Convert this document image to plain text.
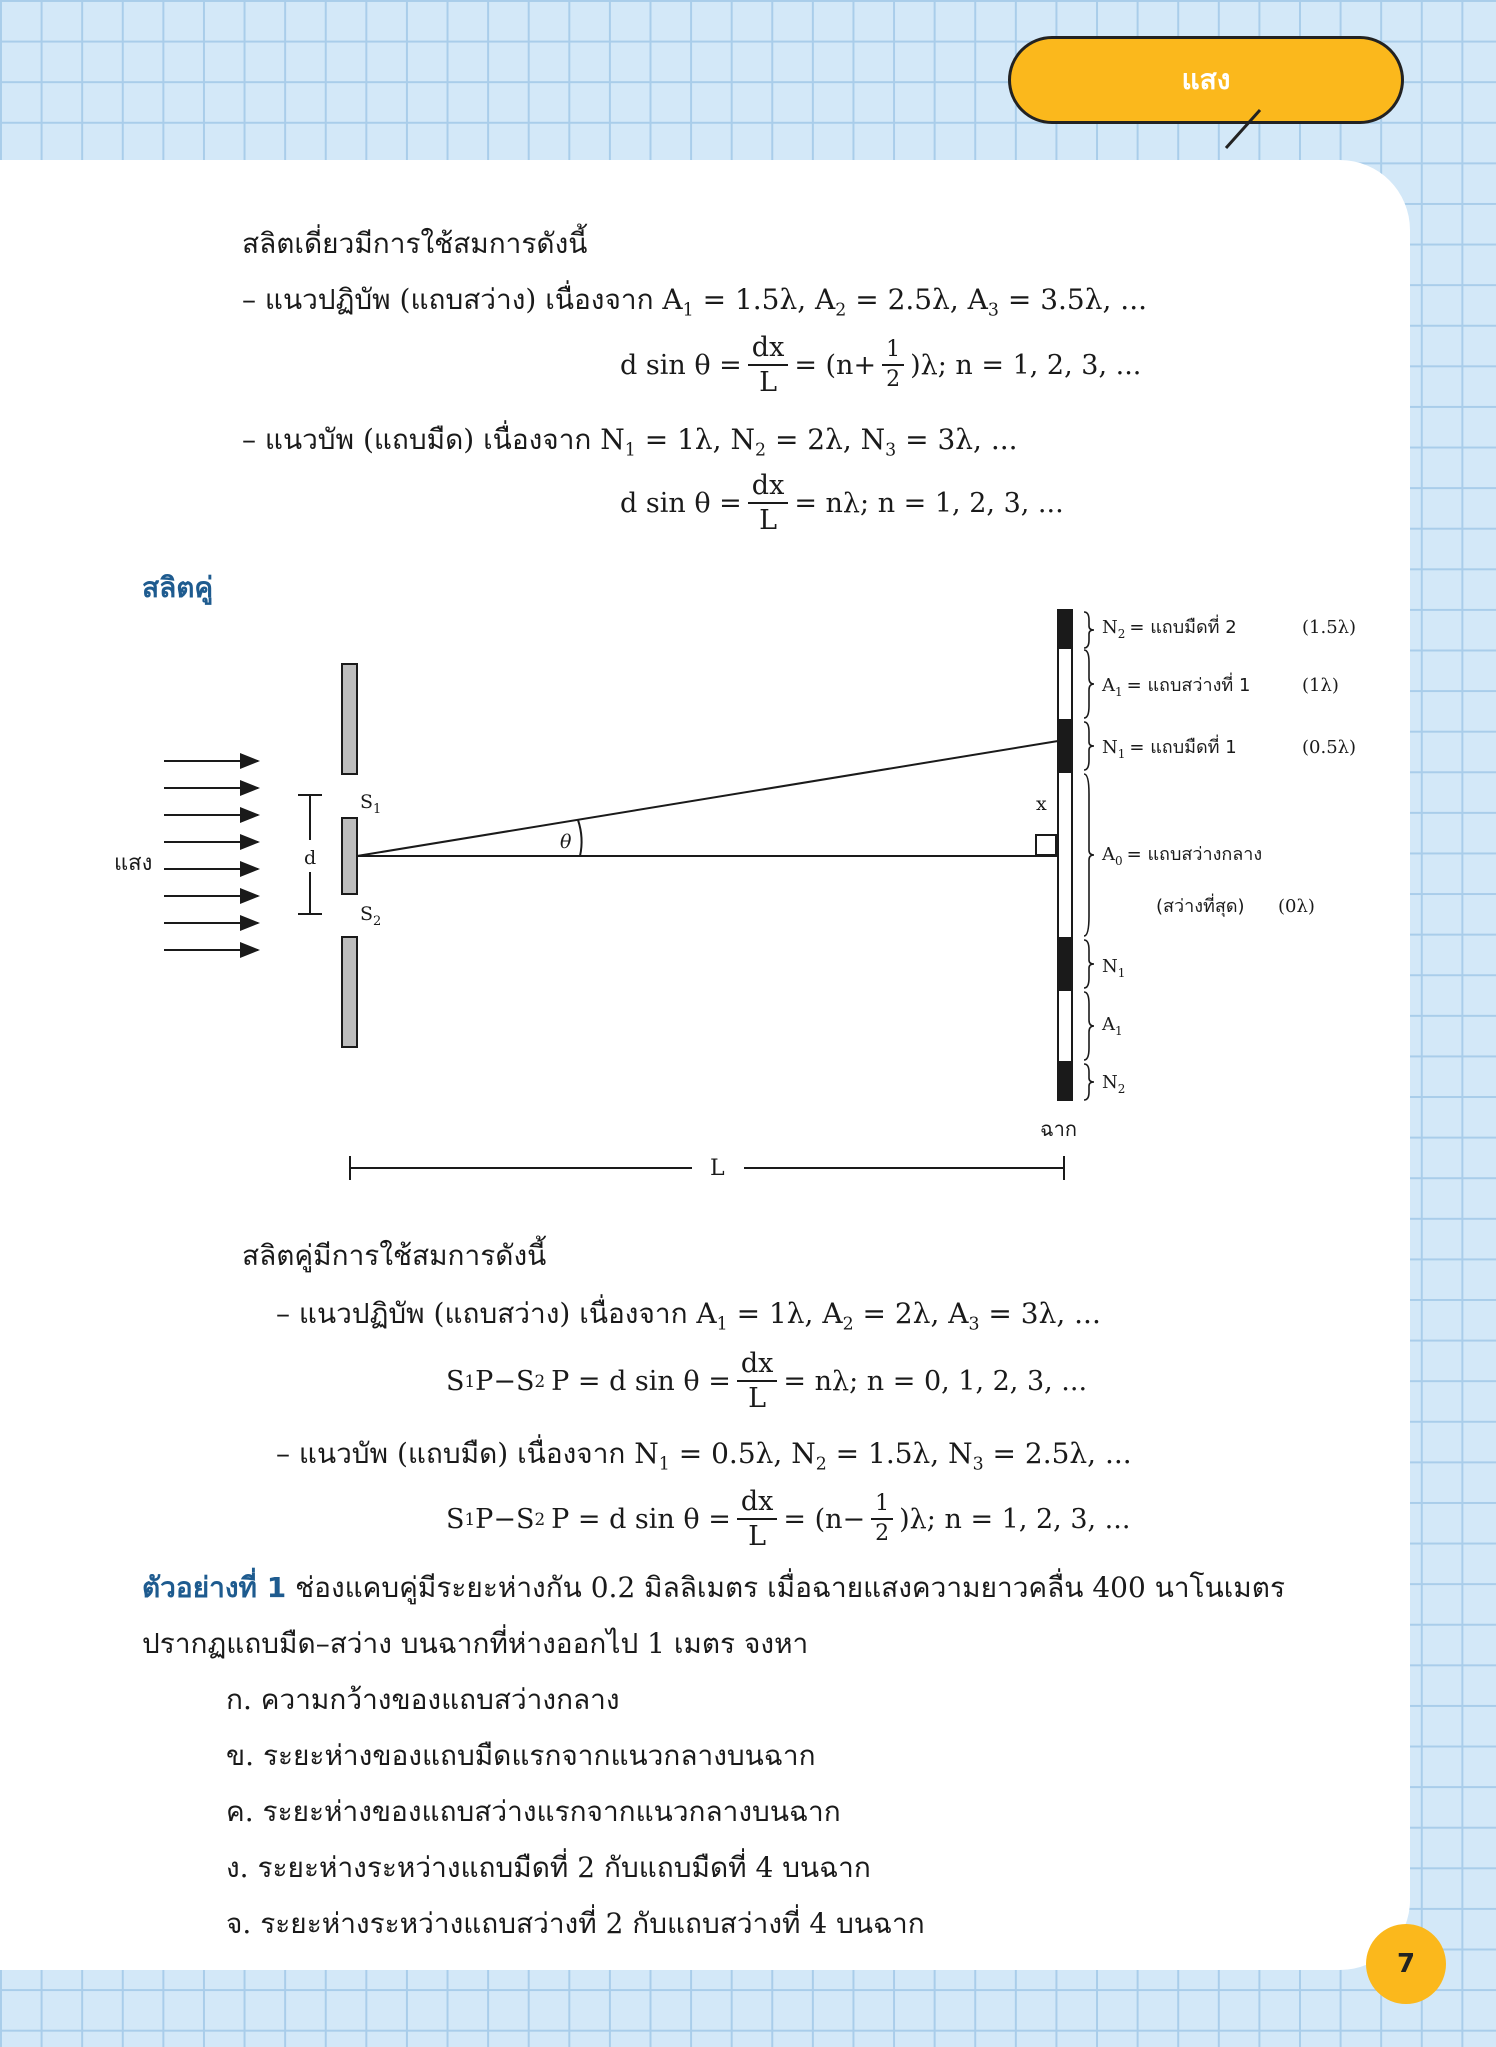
แสง
สลิตเดี่ยวมีการใช้สมการดังนี้
– แนวปฏิบัพ (แถบสว่าง) เนื่องจาก $A_1 = 1.5\lambda$, $A_2 = 2.5\lambda$, $A_3 = 3.5\lambda$, ...
d $\sin \theta = \frac{dx}{L} = (n+ \frac{1}{2} )\lambda$; n = 1, 2, 3, ...
– แนวบัพ (แถบมืด) เนื่องจาก $N_1 = 1\lambda$, $N_2 = 2\lambda$, $N_3 = 3\lambda$, ...
d $\sin \theta = \frac{dx}{L} = n\lambda$; n = 1, 2, 3, ...
สลิตคู่
แสง	d
$S_1$
$S_2$
θ
x
ฉาก
$N_2$ = แถบมืดที่ 2	(1.5λ)
$A_1$ = แถบสว่างที่ 1	(1λ)
$N_1$ = แถบมืดที่ 1	(0.5λ)
$A_0$ = แถบสว่างกลาง
(สว่างที่สุด) (0λ)
$N_1$
$A_1$
$N_2$
L
สลิตคู่มีการใช้สมการดังนี้
– แนวปฏิบัพ (แถบสว่าง) เนื่องจาก $A_1 = 1\lambda$, $A_2 = 2\lambda$, $A_3 = 3\lambda$, ...
S 1 P−S 2 P = d $\sin \theta = \frac{dx}{L} = n\lambda$; n = 0, 1, 2, 3, ...
– แนวบัพ (แถบมืด) เนื่องจาก $N_1 = 0.5\lambda$, $N_2 = 1.5\lambda$, $N_3 = 2.5\lambda$, ...
S 1 P−S 2 P = d $\sin \theta = \frac{dx}{L} = (n- \frac{1}{2} )\lambda$; n = 1, 2, 3, ...
ตัวอย่างที่ 1 ช่องแคบคู่มีระยะห่างกัน 0.2 มิลลิเมตร เมื่อฉายแสงความยาวคลื่น 400 นาโนเมตร
ปรากฏแถบมืด–สว่าง บนฉากที่ห่างออกไป 1 เมตร จงหา
ก. ความกว้างของแถบสว่างกลาง
ข. ระยะห่างของแถบมืดแรกจากแนวกลางบนฉาก
ค. ระยะห่างของแถบสว่างแรกจากแนวกลางบนฉาก
ง. ระยะห่างระหว่างแถบมืดที่ 2 กับแถบมืดที่ 4 บนฉาก
จ. ระยะห่างระหว่างแถบสว่างที่ 2 กับแถบสว่างที่ 4 บนฉาก
7
